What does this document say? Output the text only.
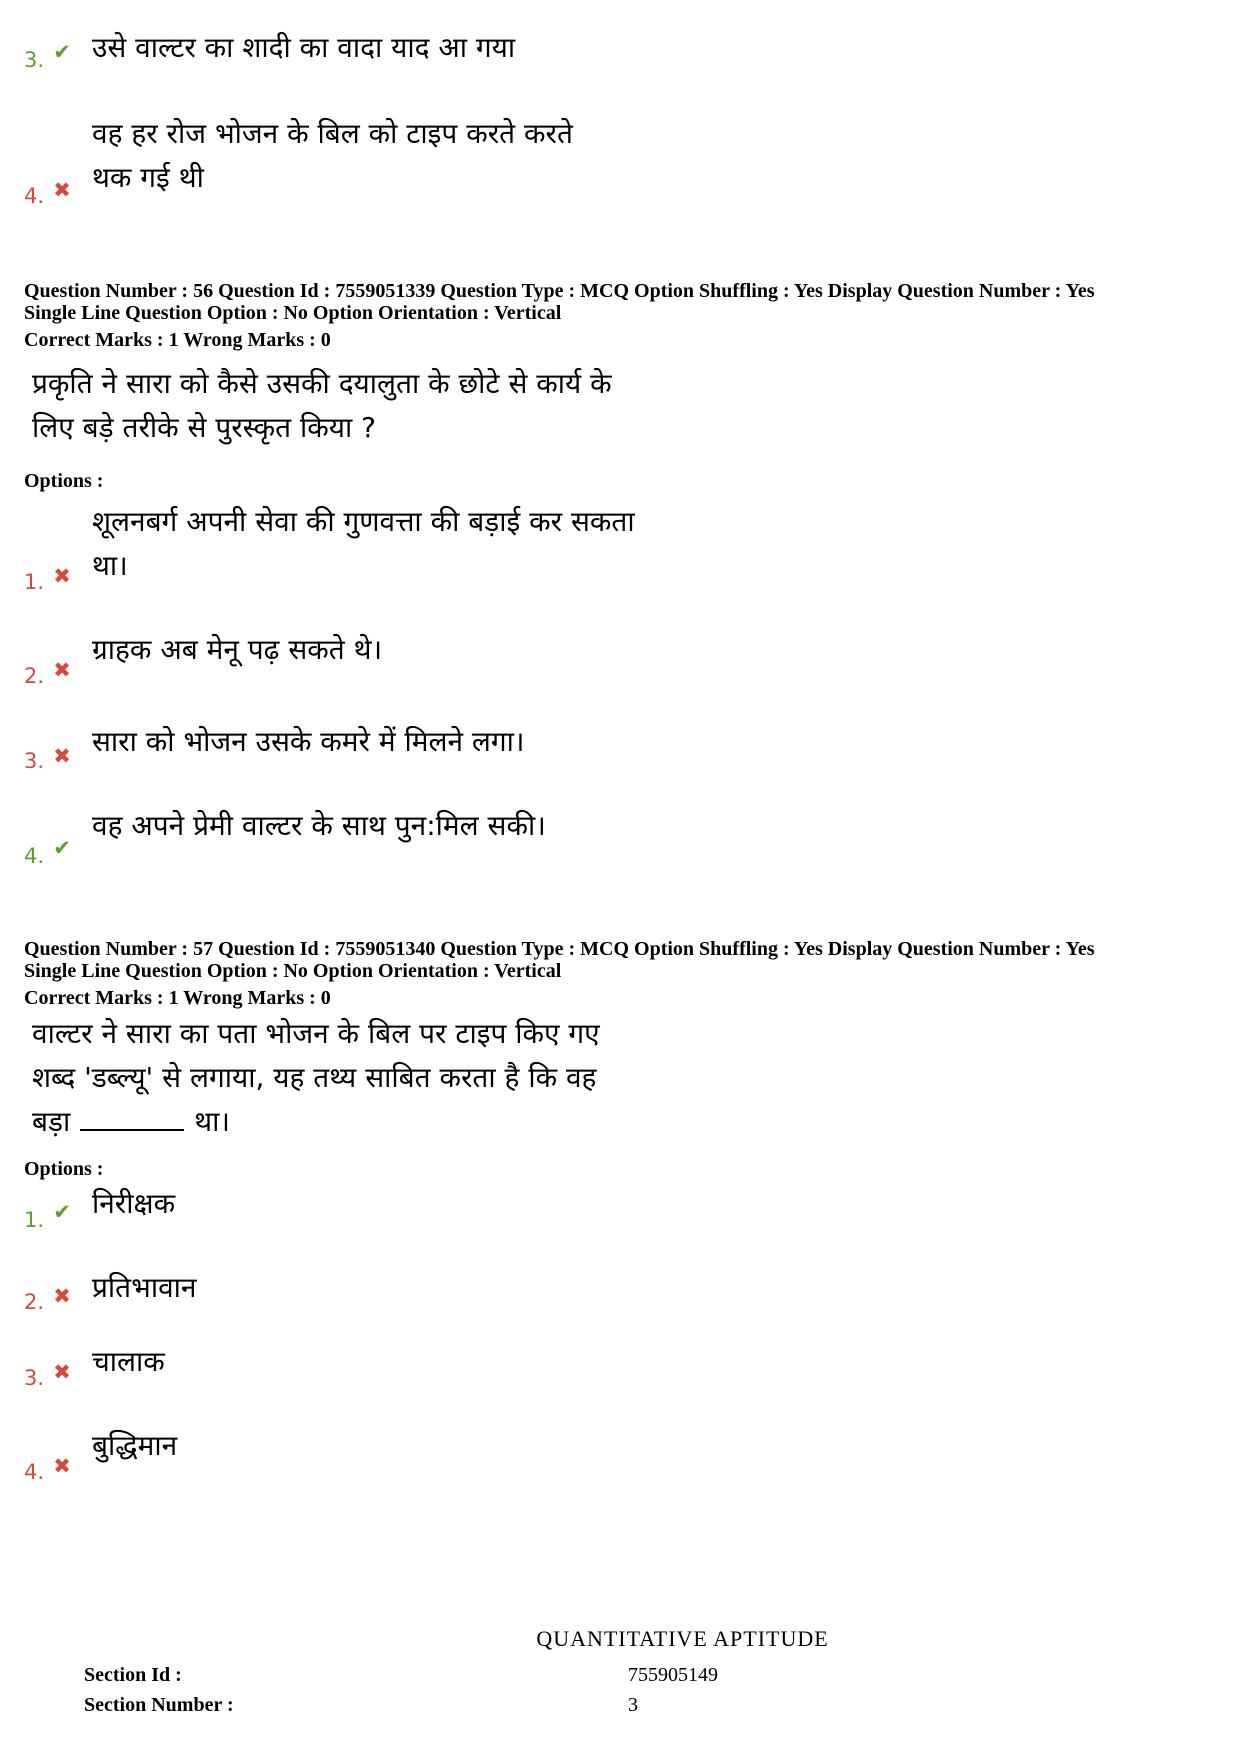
3. ✔ उसे वाल्टर का शादी का वादा याद आ गया
4. ✖
वह हर रोज भोजन के बिल को टाइप करते करते
थक गई थी
Question Number : 56 Question Id : 7559051339 Question Type : MCQ Option Shuffling : Yes Display Question Number : Yes
Single Line Question Option : No Option Orientation : Vertical
Correct Marks : 1 Wrong Marks : 0
प्रकृति ने सारा को कैसे उसकी दयालुता के छोटे से कार्य के
लिए बड़े तरीके से पुरस्कृत किया ?
Options :
1. ✖
शूलनबर्ग अपनी सेवा की गुणवत्ता की बड़ाई कर सकता
था।
2. ✖
ग्राहक अब मेनू पढ़ सकते थे।
3. ✖ सारा को भोजन उसके कमरे में मिलने लगा।
4. ✔
वह अपने प्रेमी वाल्टर के साथ पुन:मिल सकी।
Question Number : 57 Question Id : 7559051340 Question Type : MCQ Option Shuffling : Yes Display Question Number : Yes
Single Line Question Option : No Option Orientation : Vertical
Correct Marks : 1 Wrong Marks : 0
वाल्टर ने सारा का पता भोजन के बिल पर टाइप किए गए
शब्द 'डब्ल्यू' से लगाया, यह तथ्य साबित करता है कि वह
बड़ा	था।
Options :
1. ✔ निरीक्षक
2. ✖ प्रतिभावान
3. ✖ चालाक
4. ✖
बुद्धिमान
QUANTITATIVE APTITUDE
Section Id :	755905149
Section Number :	3
